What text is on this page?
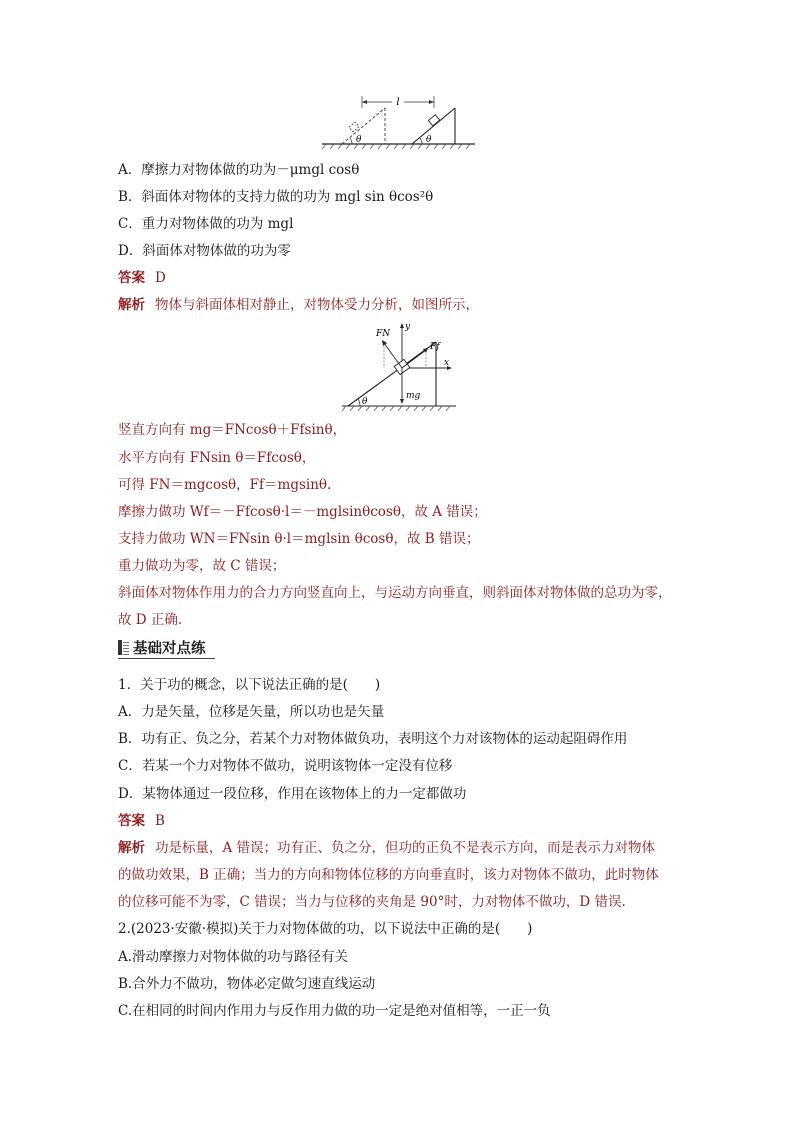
l
θ	θ
A．摩擦力对物体做的功为－μmgl cosθ
B．斜面体对物体的支持力做的功为 mgl sin θcos²θ
C．重力对物体做的功为 mgl
D．斜面体对物体做的功为零
答案 D
解析 物体与斜面体相对静止，对物体受力分析，如图所示，
θ
x
y
FN
Ff
mg
竖直方向有 mg＝FNcosθ＋Ffsinθ，
水平方向有 FNsin θ＝Ffcosθ，
可得 FN＝mgcosθ，Ff＝mgsinθ.
摩擦力做功 Wf＝－Ffcosθ·l＝－mglsinθcosθ，故 A 错误；
支持力做功 WN＝FNsin θ·l＝mglsin θcosθ，故 B 错误；
重力做功为零，故 C 错误；
斜面体对物体作用力的合力方向竖直向上，与运动方向垂直，则斜面体对物体做的总功为零，
故 D 正确.
基础对点练
1．关于功的概念，以下说法正确的是(　　)
A．力是矢量，位移是矢量，所以功也是矢量
B．功有正、负之分，若某个力对物体做负功，表明这个力对该物体的运动起阻碍作用
C．若某一个力对物体不做功，说明该物体一定没有位移
D．某物体通过一段位移，作用在该物体上的力一定都做功
答案 B
解析 功是标量，A 错误；功有正、负之分，但功的正负不是表示方向，而是表示力对物体
的做功效果，B 正确；当力的方向和物体位移的方向垂直时，该力对物体不做功，此时物体
的位移可能不为零，C 错误；当力与位移的夹角是 90°时，力对物体不做功，D 错误.
2.(2023·安徽·模拟)关于力对物体做的功，以下说法中正确的是(　　)
A.滑动摩擦力对物体做的功与路径有关
B.合外力不做功，物体必定做匀速直线运动
C.在相同的时间内作用力与反作用力做的功一定是绝对值相等，一正一负
